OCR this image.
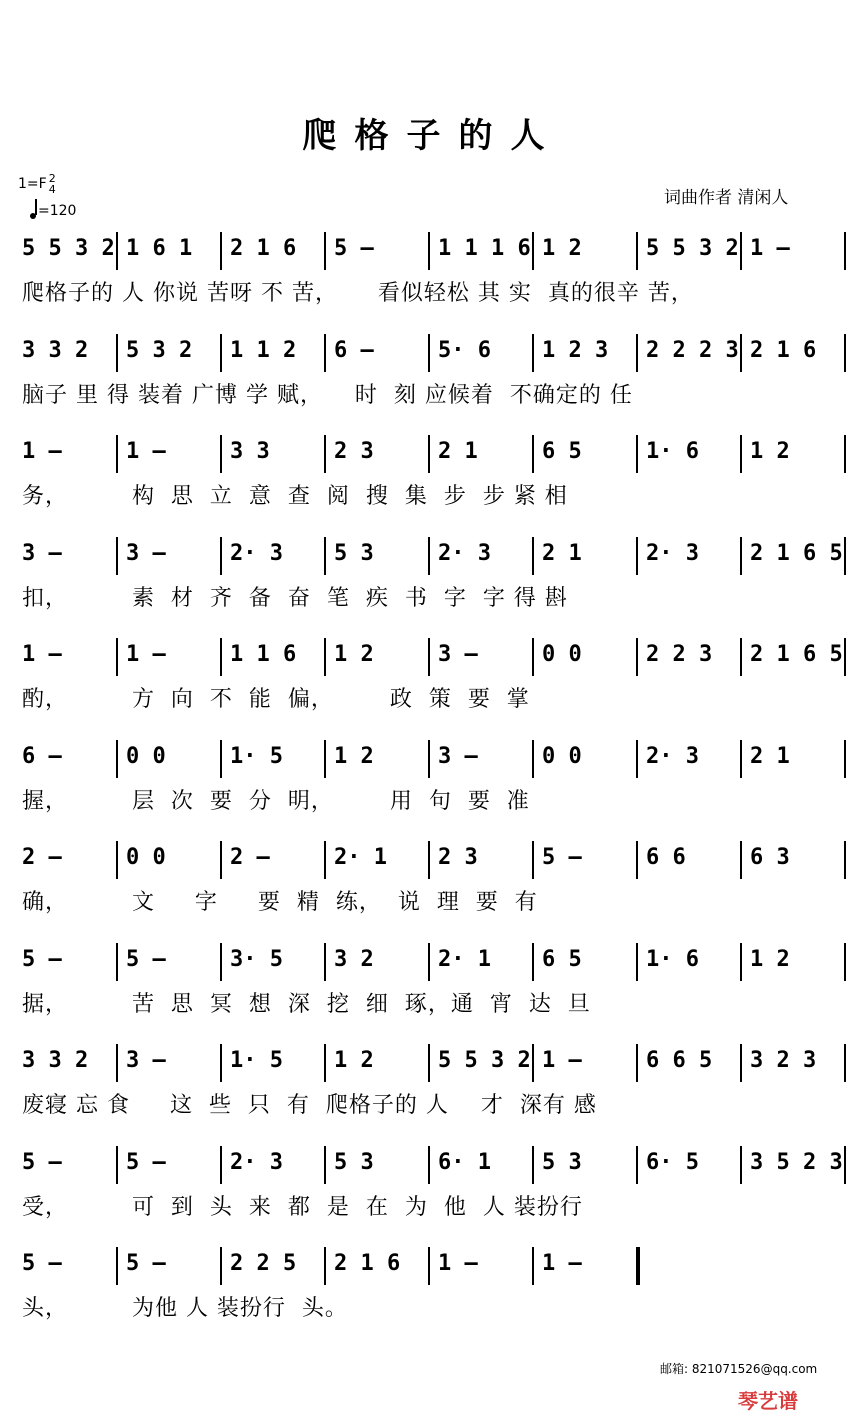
爬格子的人
1=F 2
4
=120
词曲作者 清闲人
5 5 3 2 1 6 1 2 1 6 5 –	1 1 1 6 1 2	5 5 3 2 1 –
爬格子的 人 你说 苦呀 不 苦，     看似轻松 其 实  真的很辛 苦，
3 3 2 5 3 2 1 1 2 6 –	5· 6 1 2 3 2 2 2 3 2 1 6
脑子 里 得 装着 广博 学 赋，    时  刻 应候着  不确定的 任
1 –	1 –	3 3	2 3	2 1	6 5	1· 6 1 2
务，        构  思  立  意  查  阅  搜  集  步  步 紧 相
3 –	3 –	2· 3 5 3	2· 3 2 1	2· 3 2 1 6 5
扣，        素  材  齐  备  奋  笔  疾  书  字  字 得 斟
1 –	1 –	1 1 6 1 2	3 –	0 0	2 2 3 2 1 6 5
酌，        方  向  不  能  偏，       政  策  要  掌
6 –	0 0	1· 5 1 2	3 –	0 0	2· 3 2 1
握，        层  次  要  分  明，       用  句  要  准
2 –	0 0	2 –	2· 1 2 3	5 –	6 6	6 3
确，        文     字     要  精  练，  说  理  要  有
5 –	5 –	3· 5 3 2	2· 1 6 5	1· 6 1 2
据，        苦  思  冥  想  深  挖  细  琢，通  宵  达  旦
3 3 2 3 –	1· 5 1 2	5 5 3 2 1 –	6 6 5 3 2 3
废寝 忘 食     这  些  只  有  爬格子的 人    才  深有 感
5 –	5 –	2· 3 5 3	6· 1 5 3	6· 5 3 5 2 3
受，        可  到  头  来  都  是  在  为  他  人 装扮行
5 –	5 –	2 2 5 2 1 6 1 –	1 –
头，        为他 人 装扮行  头。
邮箱: 821071526@qq.com
琴艺谱
